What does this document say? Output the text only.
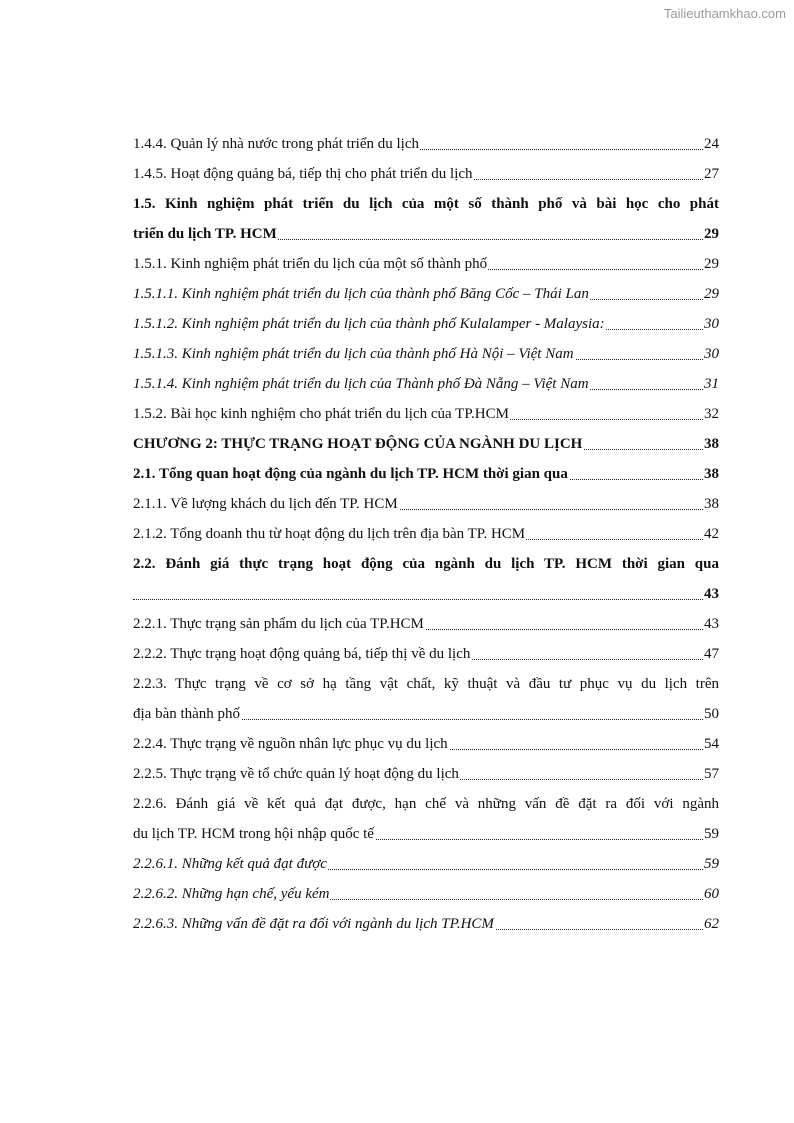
Tailieuthamkhao.com
1.4.4. Quản lý nhà nước trong phát triển du lịch	24
1.4.5. Hoạt động quảng bá, tiếp thị cho phát triển du lịch	27
1.5. Kinh nghiệm phát triển du lịch của một số thành phố và bài học cho phát
triển du lịch TP. HCM	29
1.5.1. Kinh nghiệm phát triển du lịch của một số thành phố	29
1.5.1.1. Kinh nghiệm phát triển du lịch của thành phố Băng Cốc – Thái Lan	29
1.5.1.2. Kinh nghiệm phát triển du lịch của thành phố Kulalamper - Malaysia:	30
1.5.1.3. Kinh nghiệm phát triển du lịch của thành phố Hà Nội – Việt Nam	30
1.5.1.4. Kinh nghiệm phát triển du lịch của Thành phố Đà Nẵng – Việt Nam	31
1.5.2. Bài học kinh nghiệm cho phát triển du lịch của TP.HCM	32
CHƯƠNG 2: THỰC TRẠNG HOẠT ĐỘNG CỦA NGÀNH DU LỊCH	38
2.1. Tổng quan hoạt động của ngành du lịch TP. HCM thời gian qua	38
2.1.1. Về lượng khách du lịch đến TP. HCM	38
2.1.2. Tổng doanh thu từ hoạt động du lịch trên địa bàn TP. HCM	42
2.2. Đánh giá thực trạng hoạt động của ngành du lịch TP. HCM thời gian qua
43
2.2.1. Thực trạng sản phẩm du lịch của TP.HCM	43
2.2.2. Thực trạng hoạt động quảng bá, tiếp thị về du lịch	47
2.2.3. Thực trạng về cơ sở hạ tầng vật chất, kỹ thuật và đầu tư phục vụ du lịch trên
địa bàn thành phố	50
2.2.4. Thực trạng về nguồn nhân lực phục vụ du lịch	54
2.2.5. Thực trạng về tổ chức quản lý hoạt động du lịch	57
2.2.6. Đánh giá về kết quả đạt được, hạn chế và những vấn đề đặt ra đối với ngành
du lịch TP. HCM trong hội nhập quốc tế	59
2.2.6.1. Những kết quả đạt được	59
2.2.6.2. Những hạn chế, yếu kém	60
2.2.6.3. Những vấn đề đặt ra đối với ngành du lịch TP.HCM	62
